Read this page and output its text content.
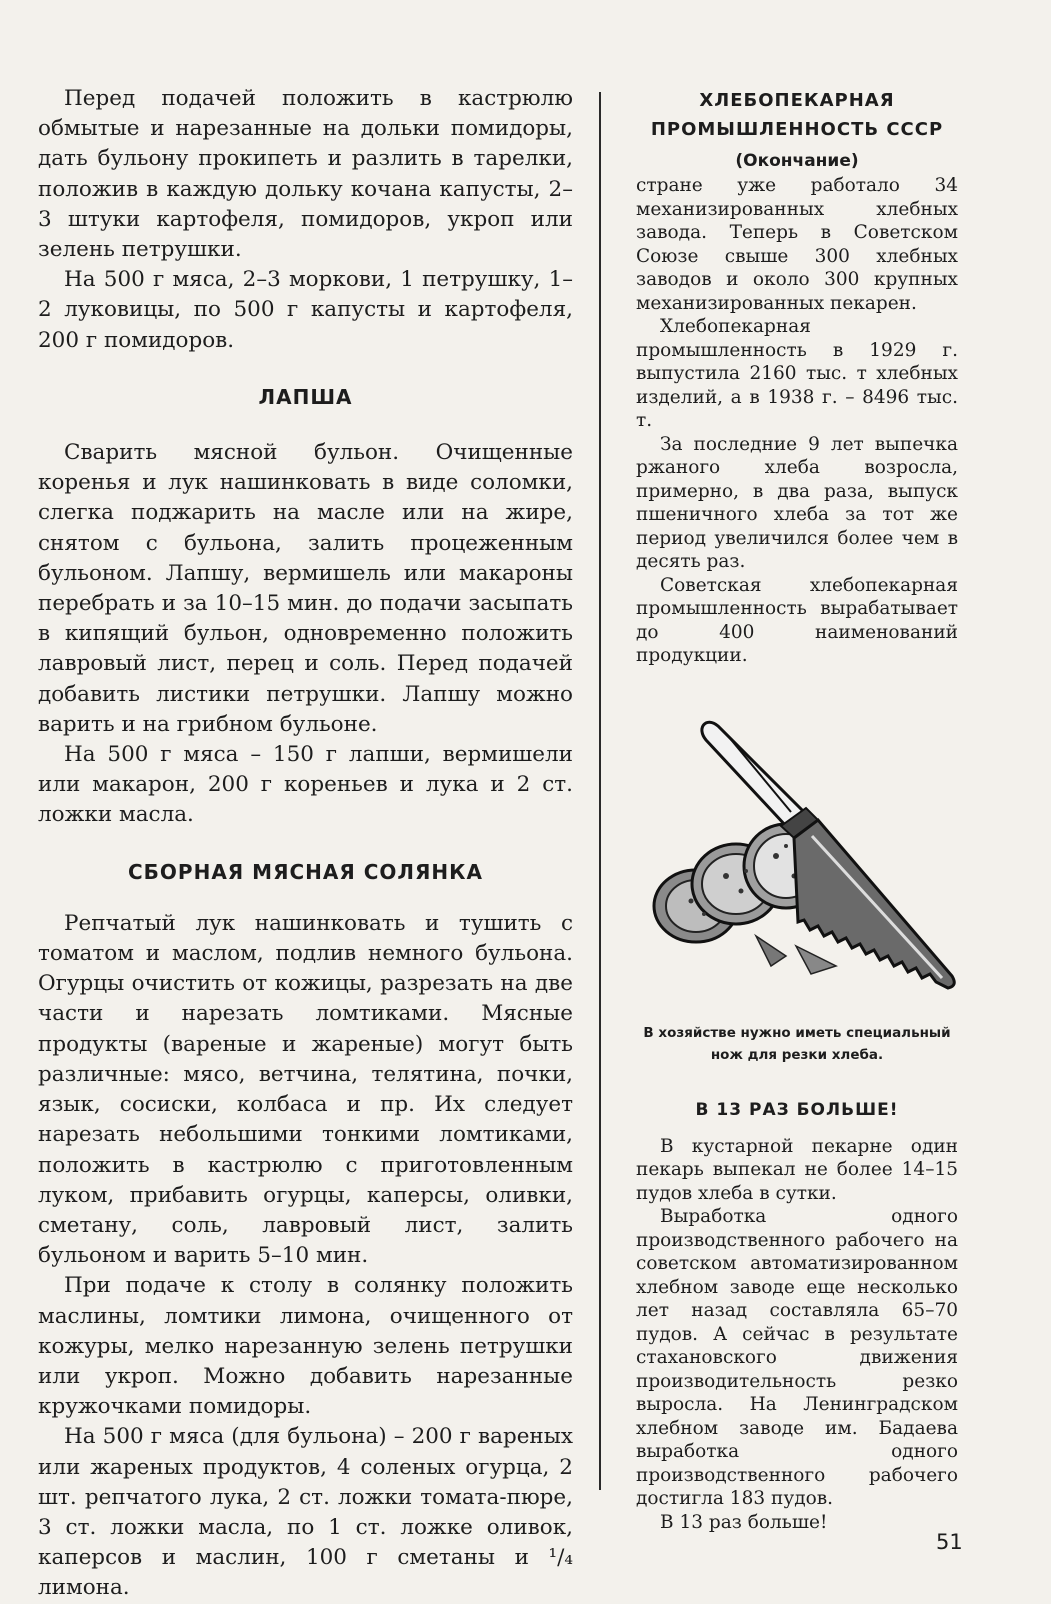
Перед подачей положить в кастрюлю обмытые и нарезанные на дольки помидоры, дать бульону прокипеть и разлить в тарелки, положив в каждую дольку кочана капусты, 2–3 штуки картофеля, помидоров, укроп или зелень петрушки.

На 500 г мяса, 2–3 моркови, 1 петрушку, 1–2 луковицы, по 500 г капусты и картофеля, 200 г помидоров.

ЛАПША

Сварить мясной бульон. Очищенные коренья и лук нашинковать в виде соломки, слегка поджарить на масле или на жире, снятом с бульона, залить процеженным бульоном. Лапшу, вермишель или макароны перебрать и за 10–15 мин. до подачи засыпать в кипящий бульон, одновременно положить лавровый лист, перец и соль. Перед подачей добавить листики петрушки. Лапшу можно варить и на грибном бульоне.

На 500 г мяса – 150 г лапши, вермишели или макарон, 200 г кореньев и лука и 2 ст. ложки масла.

СБОРНАЯ МЯСНАЯ СОЛЯНКА

Репчатый лук нашинковать и тушить с томатом и маслом, подлив немного бульона. Огурцы очистить от кожицы, разрезать на две части и нарезать ломтиками. Мясные продукты (вареные и жареные) могут быть различные: мясо, ветчина, телятина, почки, язык, сосиски, колбаса и пр. Их следует нарезать небольшими тонкими ломтиками, положить в кастрюлю с приготовленным луком, прибавить огурцы, каперсы, оливки, сметану, соль, лавровый лист, залить бульоном и варить 5–10 мин.

При подаче к столу в солянку положить маслины, ломтики лимона, очищенного от кожуры, мелко нарезанную зелень петрушки или укроп. Можно добавить нарезанные кружочками помидоры.

На 500 г мяса (для бульона) – 200 г вареных или жареных продуктов, 4 соленых огурца, 2 шт. репчатого лука, 2 ст. ложки томата-пюре, 3 ст. ложки масла, по 1 ст. ложке оливок, каперсов и маслин, 100 г сметаны и ¹/₄ лимона.

ХЛЕБОПЕКАРНАЯ
ПРОМЫШЛЕННОСТЬ СССР
(Окончание)

стране уже работало 34 механизированных хлебных завода. Теперь в Советском Союзе свыше 300 хлебных заводов и около 300 крупных механизированных пекарен.

Хлебопекарная промышленность в 1929 г. выпустила 2160 тыс. т хлебных изделий, а в 1938 г. – 8496 тыс. т.

За последние 9 лет выпечка ржаного хлеба возросла, примерно, в два раза, выпуск пшеничного хлеба за тот же период увеличился более чем в десять раз.

Советская хлебопекарная промышленность вырабатывает до 400 наименований продукции.

В хозяйстве нужно иметь специальный нож для резки хлеба.
В 13 РАЗ БОЛЬШЕ!

В кустарной пекарне один пекарь выпекал не более 14–15 пудов хлеба в сутки.

Выработка одного производственного рабочего на советском автоматизированном хлебном заводе еще несколько лет назад составляла 65–70 пудов. А сейчас в результате стахановского движения производительность резко выросла. На Ленинградском хлебном заводе им. Бадаева выработка одного производственного рабочего достигла 183 пудов.

В 13 раз больше!

51
